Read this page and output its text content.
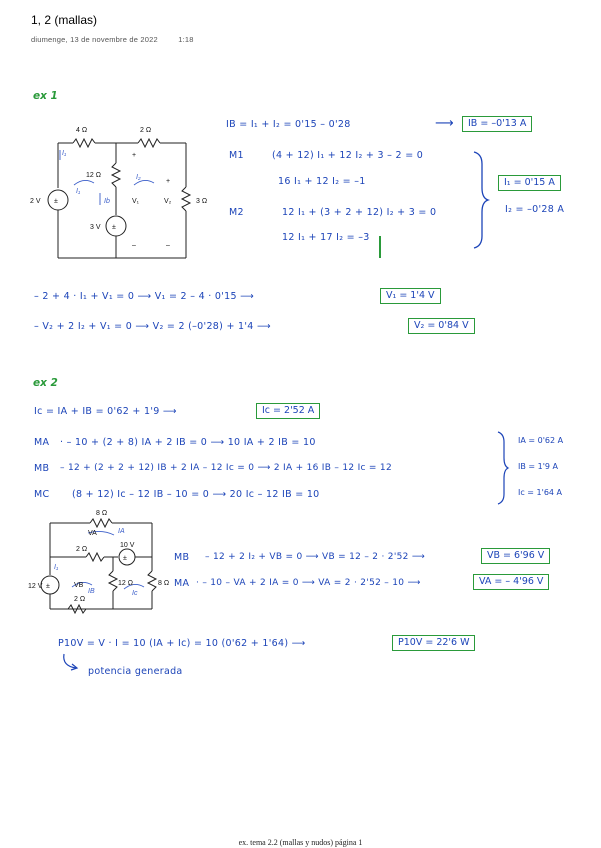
1, 2 (mallas)
diumenge, 13 de novembre de 2022	1:18
ex 1
±
±
4 Ω	2 Ω
12 Ω
3 Ω
2 V
3 V
+
+
–	–
I₁
I₁
I₂
Ib	V₁	V₂
IB = I₁ + I₂ = 0'15 – 0'28	⟶	IB = –0'13 A
M1	(4 + 12) I₁ + 12 I₂ + 3 – 2 = 0
16 I₁ + 12 I₂ = –1
M2	12 I₁ + (3 + 2 + 12) I₂ + 3 = 0
12 I₁ + 17 I₂ = –3
I₁ = 0'15 A
I₂ = –0'28 A
– 2 + 4 · I₁ + V₁ = 0 ⟶ V₁ = 2 – 4 · 0'15 ⟶	V₁ = 1'4 V
– V₂ + 2 I₂ + V₁ = 0 ⟶ V₂ = 2 (–0'28) + 1'4 ⟶	V₂ = 0'84 V
ex 2
Ic = IA + IB = 0'62 + 1'9 ⟶	Ic = 2'52 A
MA · – 10 + (2 + 8) IA + 2 IB = 0 ⟶ 10 IA + 2 IB = 10
MB – 12 + (2 + 2 + 12) IB + 2 IA – 12 Ic = 0 ⟶ 2 IA + 16 IB – 12 Ic = 12
MC (8 + 12) Ic – 12 IB – 10 = 0 ⟶ 20 Ic – 12 IB = 10
IA = 0'62 A
IB = 1'9 A
Ic = 1'64 A
±
±
8 Ω
2 Ω
2 Ω
12 Ω	8 Ω
12 V
10 V
IA
IB	Ic
I₁
VA
VB
MB – 12 + 2 I₂ + VB = 0 ⟶ VB = 12 – 2 · 2'52 ⟶	VB = 6'96 V
MA · – 10 – VA + 2 IA = 0 ⟶ VA = 2 · 2'52 – 10 ⟶	VA = – 4'96 V
P10V = V · I = 10 (IA + Ic) = 10 (0'62 + 1'64) ⟶	P10V = 22'6 W
potencia generada
ex. tema 2.2 (mallas y nudos) página 1
